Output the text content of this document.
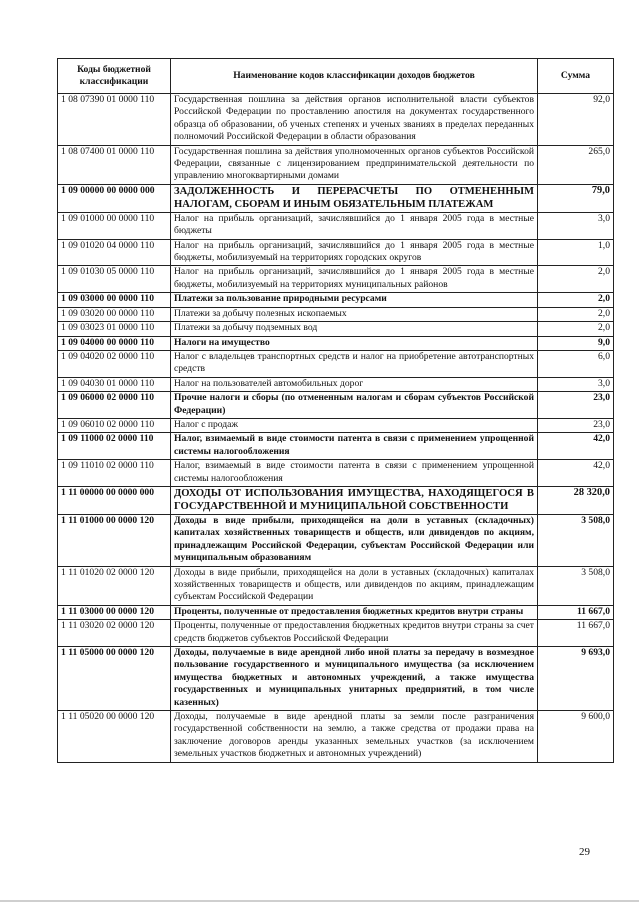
Коды бюджетной классификации	Наименование кодов классификации доходов бюджетов	Сумма
1 08 07390 01 0000 110	Государственная пошлина за действия органов исполнительной власти субъектов Российской Федерации по проставлению апостиля на документах государственного образца об образовании, об ученых степенях и ученых званиях в пределах переданных полномочий Российской Федерации в области образования	92,0
1 08 07400 01 0000 110	Государственная пошлина за действия уполномоченных органов субъектов Российской Федерации, связанные с лицензированием предпринимательской деятельности по управлению многоквартирными домами	265,0
1 09 00000 00 0000 000	ЗАДОЛЖЕННОСТЬ И ПЕРЕРАСЧЕТЫ ПО ОТМЕНЕННЫМ НАЛОГАМ, СБОРАМ И ИНЫМ ОБЯЗАТЕЛЬНЫМ ПЛАТЕЖАМ	79,0
1 09 01000 00 0000 110	Налог на прибыль организаций, зачислявшийся до 1 января 2005 года в местные бюджеты	3,0
1 09 01020 04 0000 110	Налог на прибыль организаций, зачислявшийся до 1 января 2005 года в местные бюджеты, мобилизуемый на территориях городских округов	1,0
1 09 01030 05 0000 110	Налог на прибыль организаций, зачислявшийся до 1 января 2005 года в местные бюджеты, мобилизуемый на территориях муниципальных районов	2,0
1 09 03000 00 0000 110	Платежи за пользование природными ресурсами	2,0
1 09 03020 00 0000 110	Платежи за добычу полезных ископаемых	2,0
1 09 03023 01 0000 110	Платежи за добычу подземных вод	2,0
1 09 04000 00 0000 110	Налоги на имущество	9,0
1 09 04020 02 0000 110	Налог с владельцев транспортных средств и налог на приобретение автотранспортных средств	6,0
1 09 04030 01 0000 110	Налог на пользователей автомобильных дорог	3,0
1 09 06000 02 0000 110	Прочие налоги и сборы (по отмененным налогам и сборам субъектов Российской Федерации)	23,0
1 09 06010 02 0000 110	Налог с продаж	23,0
1 09 11000 02 0000 110	Налог, взимаемый в виде стоимости патента в связи с применением упрощенной системы налогообложения	42,0
1 09 11010 02 0000 110	Налог, взимаемый в виде стоимости патента в связи с применением упрощенной системы налогообложения	42,0
1 11 00000 00 0000 000	ДОХОДЫ ОТ ИСПОЛЬЗОВАНИЯ ИМУЩЕСТВА, НАХОДЯЩЕГОСЯ В ГОСУДАРСТВЕННОЙ И МУНИЦИПАЛЬНОЙ СОБСТВЕННОСТИ	28 320,0
1 11 01000 00 0000 120	Доходы в виде прибыли, приходящейся на доли в уставных (складочных) капиталах хозяйственных товариществ и обществ, или дивидендов по акциям, принадлежащим Российской Федерации, субъектам Российской Федерации или муниципальным образованиям	3 508,0
1 11 01020 02 0000 120	Доходы в виде прибыли, приходящейся на доли в уставных (складочных) капиталах хозяйственных товариществ и обществ, или дивидендов по акциям, принадлежащим субъектам Российской Федерации	3 508,0
1 11 03000 00 0000 120	Проценты, полученные от предоставления бюджетных кредитов внутри страны	11 667,0
1 11 03020 02 0000 120	Проценты, полученные от предоставления бюджетных кредитов внутри страны за счет средств бюджетов субъектов Российской Федерации	11 667,0
1 11 05000 00 0000 120	Доходы, получаемые в виде арендной либо иной платы за передачу в возмездное пользование государственного и муниципального имущества (за исключением имущества бюджетных и автономных учреждений, а также имущества государственных и муниципальных унитарных предприятий, в том числе казенных)	9 693,0
1 11 05020 00 0000 120	Доходы, получаемые в виде арендной платы за земли после разграничения государственной собственности на землю, а также средства от продажи права на заключение договоров аренды указанных земельных участков (за исключением земельных участков бюджетных и автономных учреждений)	9 600,0
29
